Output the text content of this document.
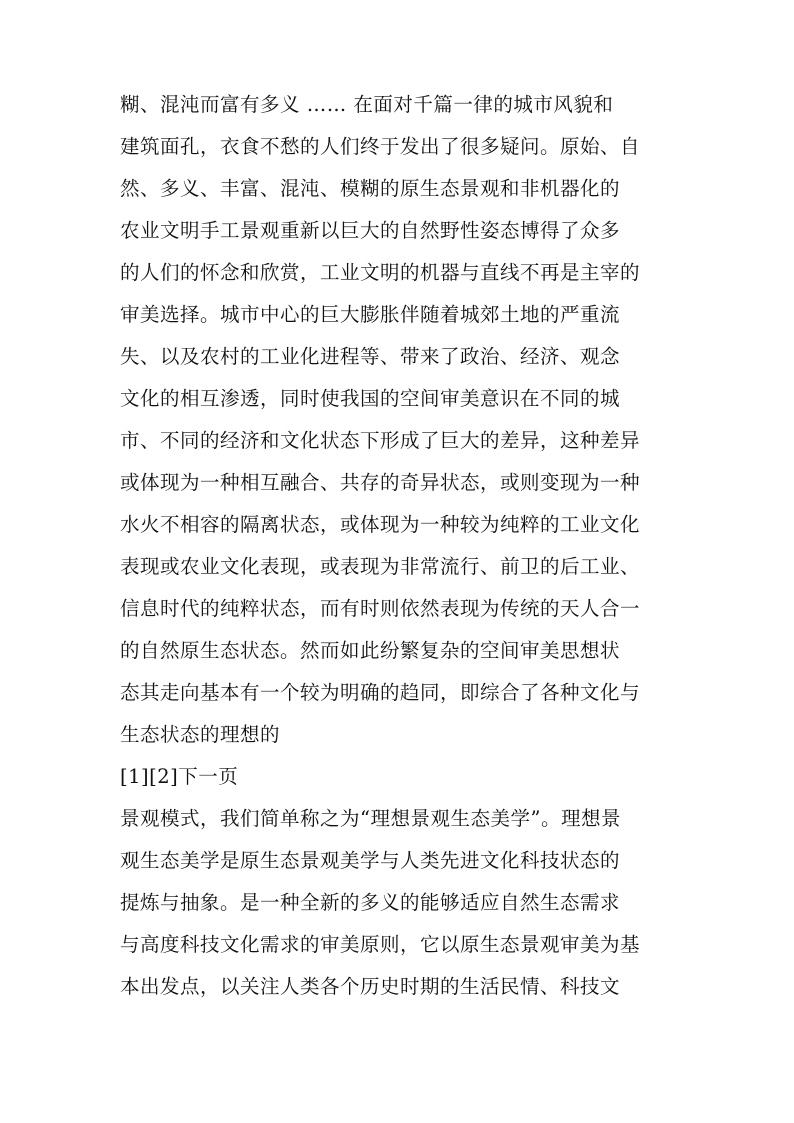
糊、混沌而富有多义 …… 在面对千篇一律的城市风貌和
建筑面孔，衣食不愁的人们终于发出了很多疑问。原始、自
然、多义、丰富、混沌、模糊的原生态景观和非机器化的
农业文明手工景观重新以巨大的自然野性姿态博得了众多
的人们的怀念和欣赏，工业文明的机器与直线不再是主宰的
审美选择。城市中心的巨大膨胀伴随着城郊土地的严重流
失、以及农村的工业化进程等、带来了政治、经济、观念
文化的相互渗透，同时使我国的空间审美意识在不同的城
市、不同的经济和文化状态下形成了巨大的差异，这种差异
或体现为一种相互融合、共存的奇异状态，或则变现为一种
水火不相容的隔离状态，或体现为一种较为纯粹的工业文化
表现或农业文化表现，或表现为非常流行、前卫的后工业、
信息时代的纯粹状态，而有时则依然表现为传统的天人合一
的自然原生态状态。然而如此纷繁复杂的空间审美思想状
态其走向基本有一个较为明确的趋同，即综合了各种文化与
生态状态的理想的
[1][2]下一页
景观模式，我们简单称之为“理想景观生态美学”。理想景
观生态美学是原生态景观美学与人类先进文化科技状态的
提炼与抽象。是一种全新的多义的能够适应自然生态需求
与高度科技文化需求的审美原则，它以原生态景观审美为基
本出发点，以关注人类各个历史时期的生活民情、科技文
